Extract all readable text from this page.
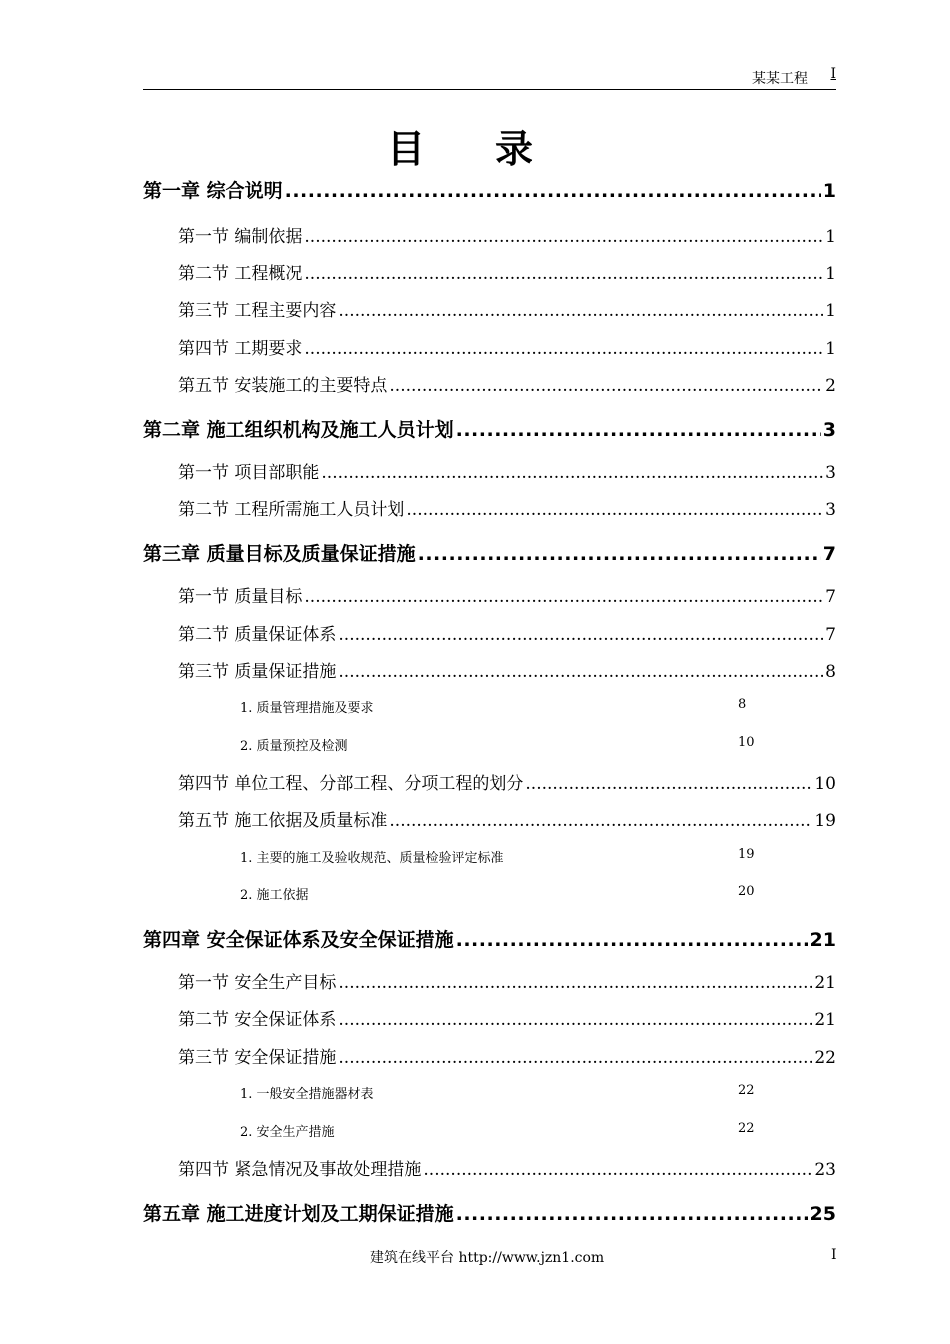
某某工程 I
目录
第一章 综合说明 .....	1
第一节 编制依据 .....	1
第二节 工程概况 .....	1
第三节 工程主要内容 .....	1
第四节 工期要求 .....	1
第五节 安装施工的主要特点 .....	2
第二章 施工组织机构及施工人员计划 .....	3
第一节 项目部职能 .....	3
第二节 工程所需施工人员计划 .....	3
第三章 质量目标及质量保证措施 .....	7
第一节 质量目标 .....	7
第二节 质量保证体系 .....	7
第三节 质量保证措施 .....	8
1. 质量管理措施及要求	8
2. 质量预控及检测	10
第四节 单位工程、分部工程、分项工程的划分 .....	10
第五节 施工依据及质量标准 .....	19
1. 主要的施工及验收规范、质量检验评定标准	19
2. 施工依据	20
第四章 安全保证体系及安全保证措施 .....	21
第一节 安全生产目标 .....	21
第二节 安全保证体系 .....	21
第三节 安全保证措施 .....	22
1. 一般安全措施器材表	22
2. 安全生产措施	22
第四节 紧急情况及事故处理措施 .....	23
第五章 施工进度计划及工期保证措施 .....	25
建筑在线平台 http://www.jzn1.com	I
